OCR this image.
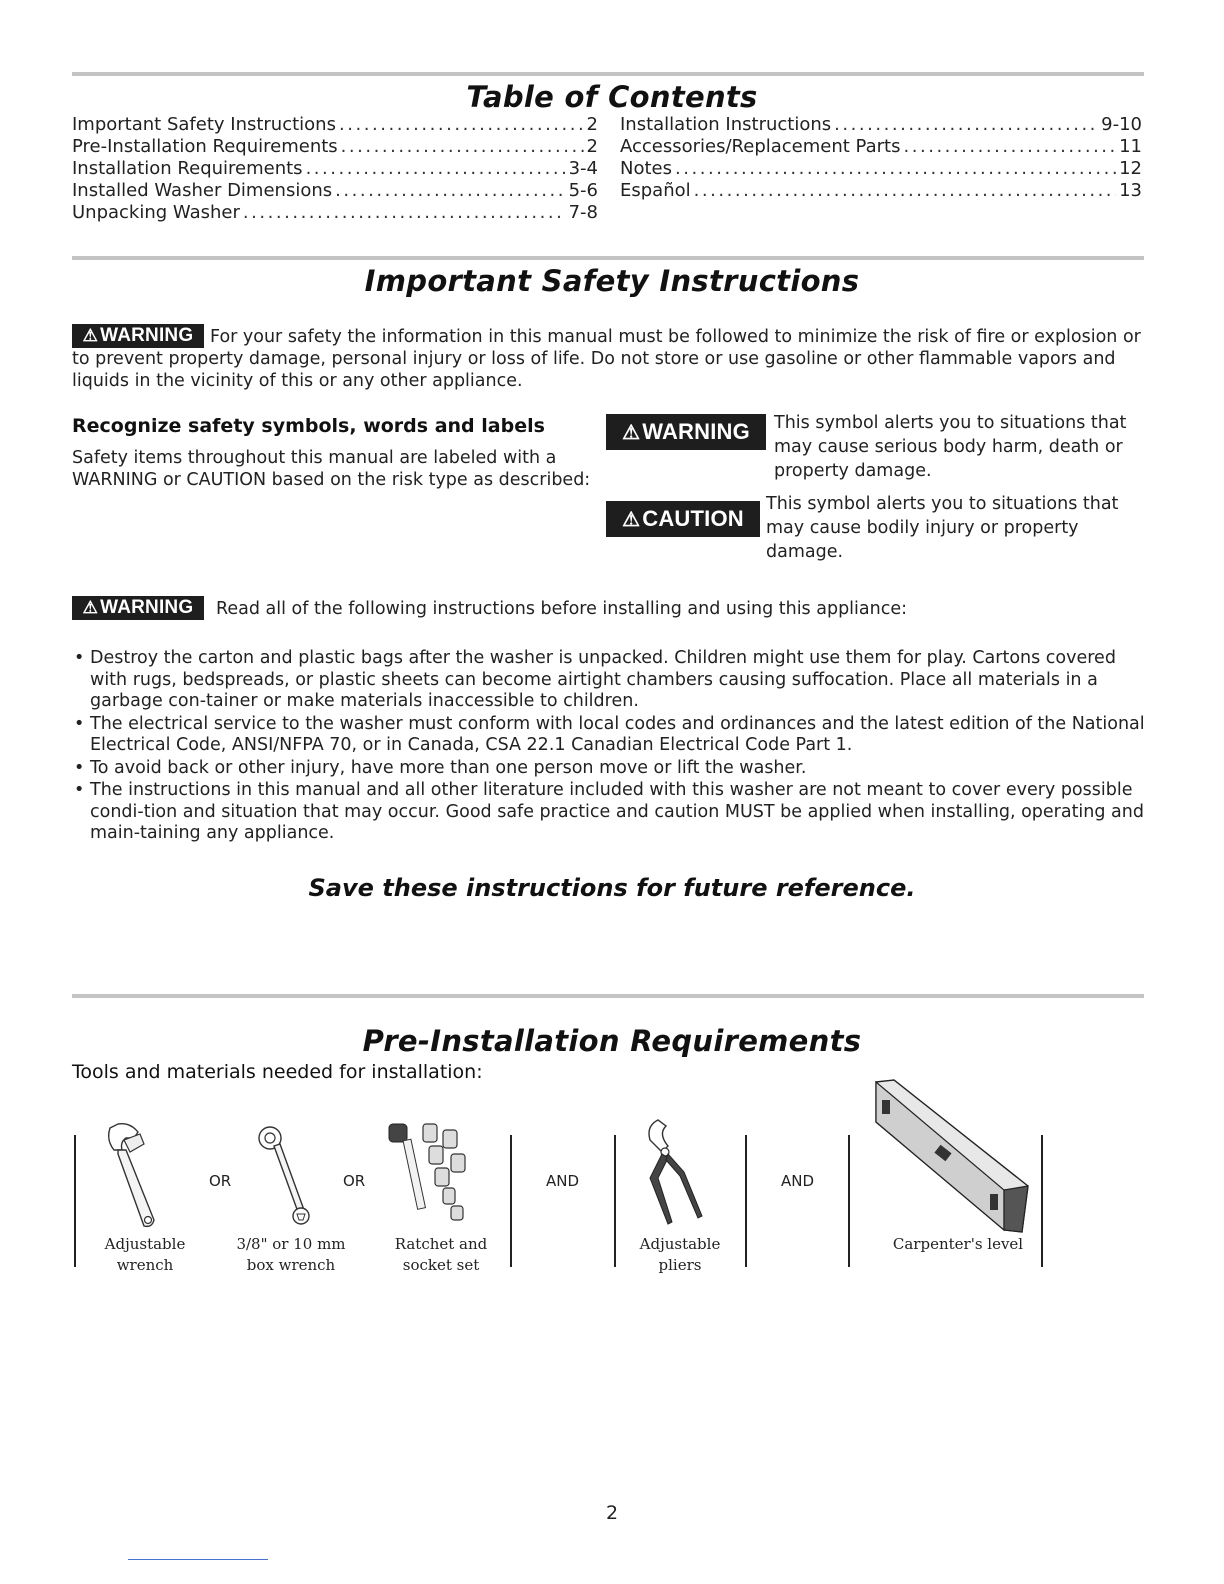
Table of Contents
Important Safety Instructions . . .	2
Pre-Installation Requirements . . .	2
Installation Requirements . . .	3-4
Installed Washer Dimensions . . .	5-6
Unpacking Washer . . .	7-8
Installation Instructions . . .	9-10
Accessories/Replacement Parts . . .	11
Notes . . .	12
Español . . .	13
Important Safety Instructions
⚠ WARNING For your safety the information in this manual must be followed to minimize the risk of fire or explosion or to prevent property damage, personal injury or loss of life. Do not store or use gasoline or other flammable vapors and liquids in the vicinity of this or any other appliance.
Recognize safety symbols, words and labels
Safety items throughout this manual are labeled with a WARNING or CAUTION based on the risk type as described:
⚠ WARNING This symbol alerts you to situations that may cause serious body harm, death or property damage.
⚠ CAUTION
This symbol alerts you to situations that may cause bodily injury or property damage.
⚠ WARNING Read all of the following instructions before installing and using this appliance:
• Destroy the carton and plastic bags after the washer is unpacked. Children might use them for play. Cartons covered with rugs, bedspreads, or plastic sheets can become airtight chambers causing suffocation. Place all materials in a garbage con-tainer or make materials inaccessible to children.
• The electrical service to the washer must conform with local codes and ordinances and the latest edition of the National Electrical Code, ANSI/NFPA 70, or in Canada, CSA 22.1 Canadian Electrical Code Part 1.
• To avoid back or other injury, have more than one person move or lift the washer.
• The instructions in this manual and all other literature included with this washer are not meant to cover every possible condi-tion and situation that may occur. Good safe practice and caution MUST be applied when installing, operating and main-taining any appliance.
Save these instructions for future reference.
Pre-Installation Requirements
Tools and materials needed for installation:
Adjustable
wrench
OR
3/8" or 10 mm
box wrench
OR
Ratchet and
socket set
AND
Adjustable
pliers
AND
Carpenter's level
2
